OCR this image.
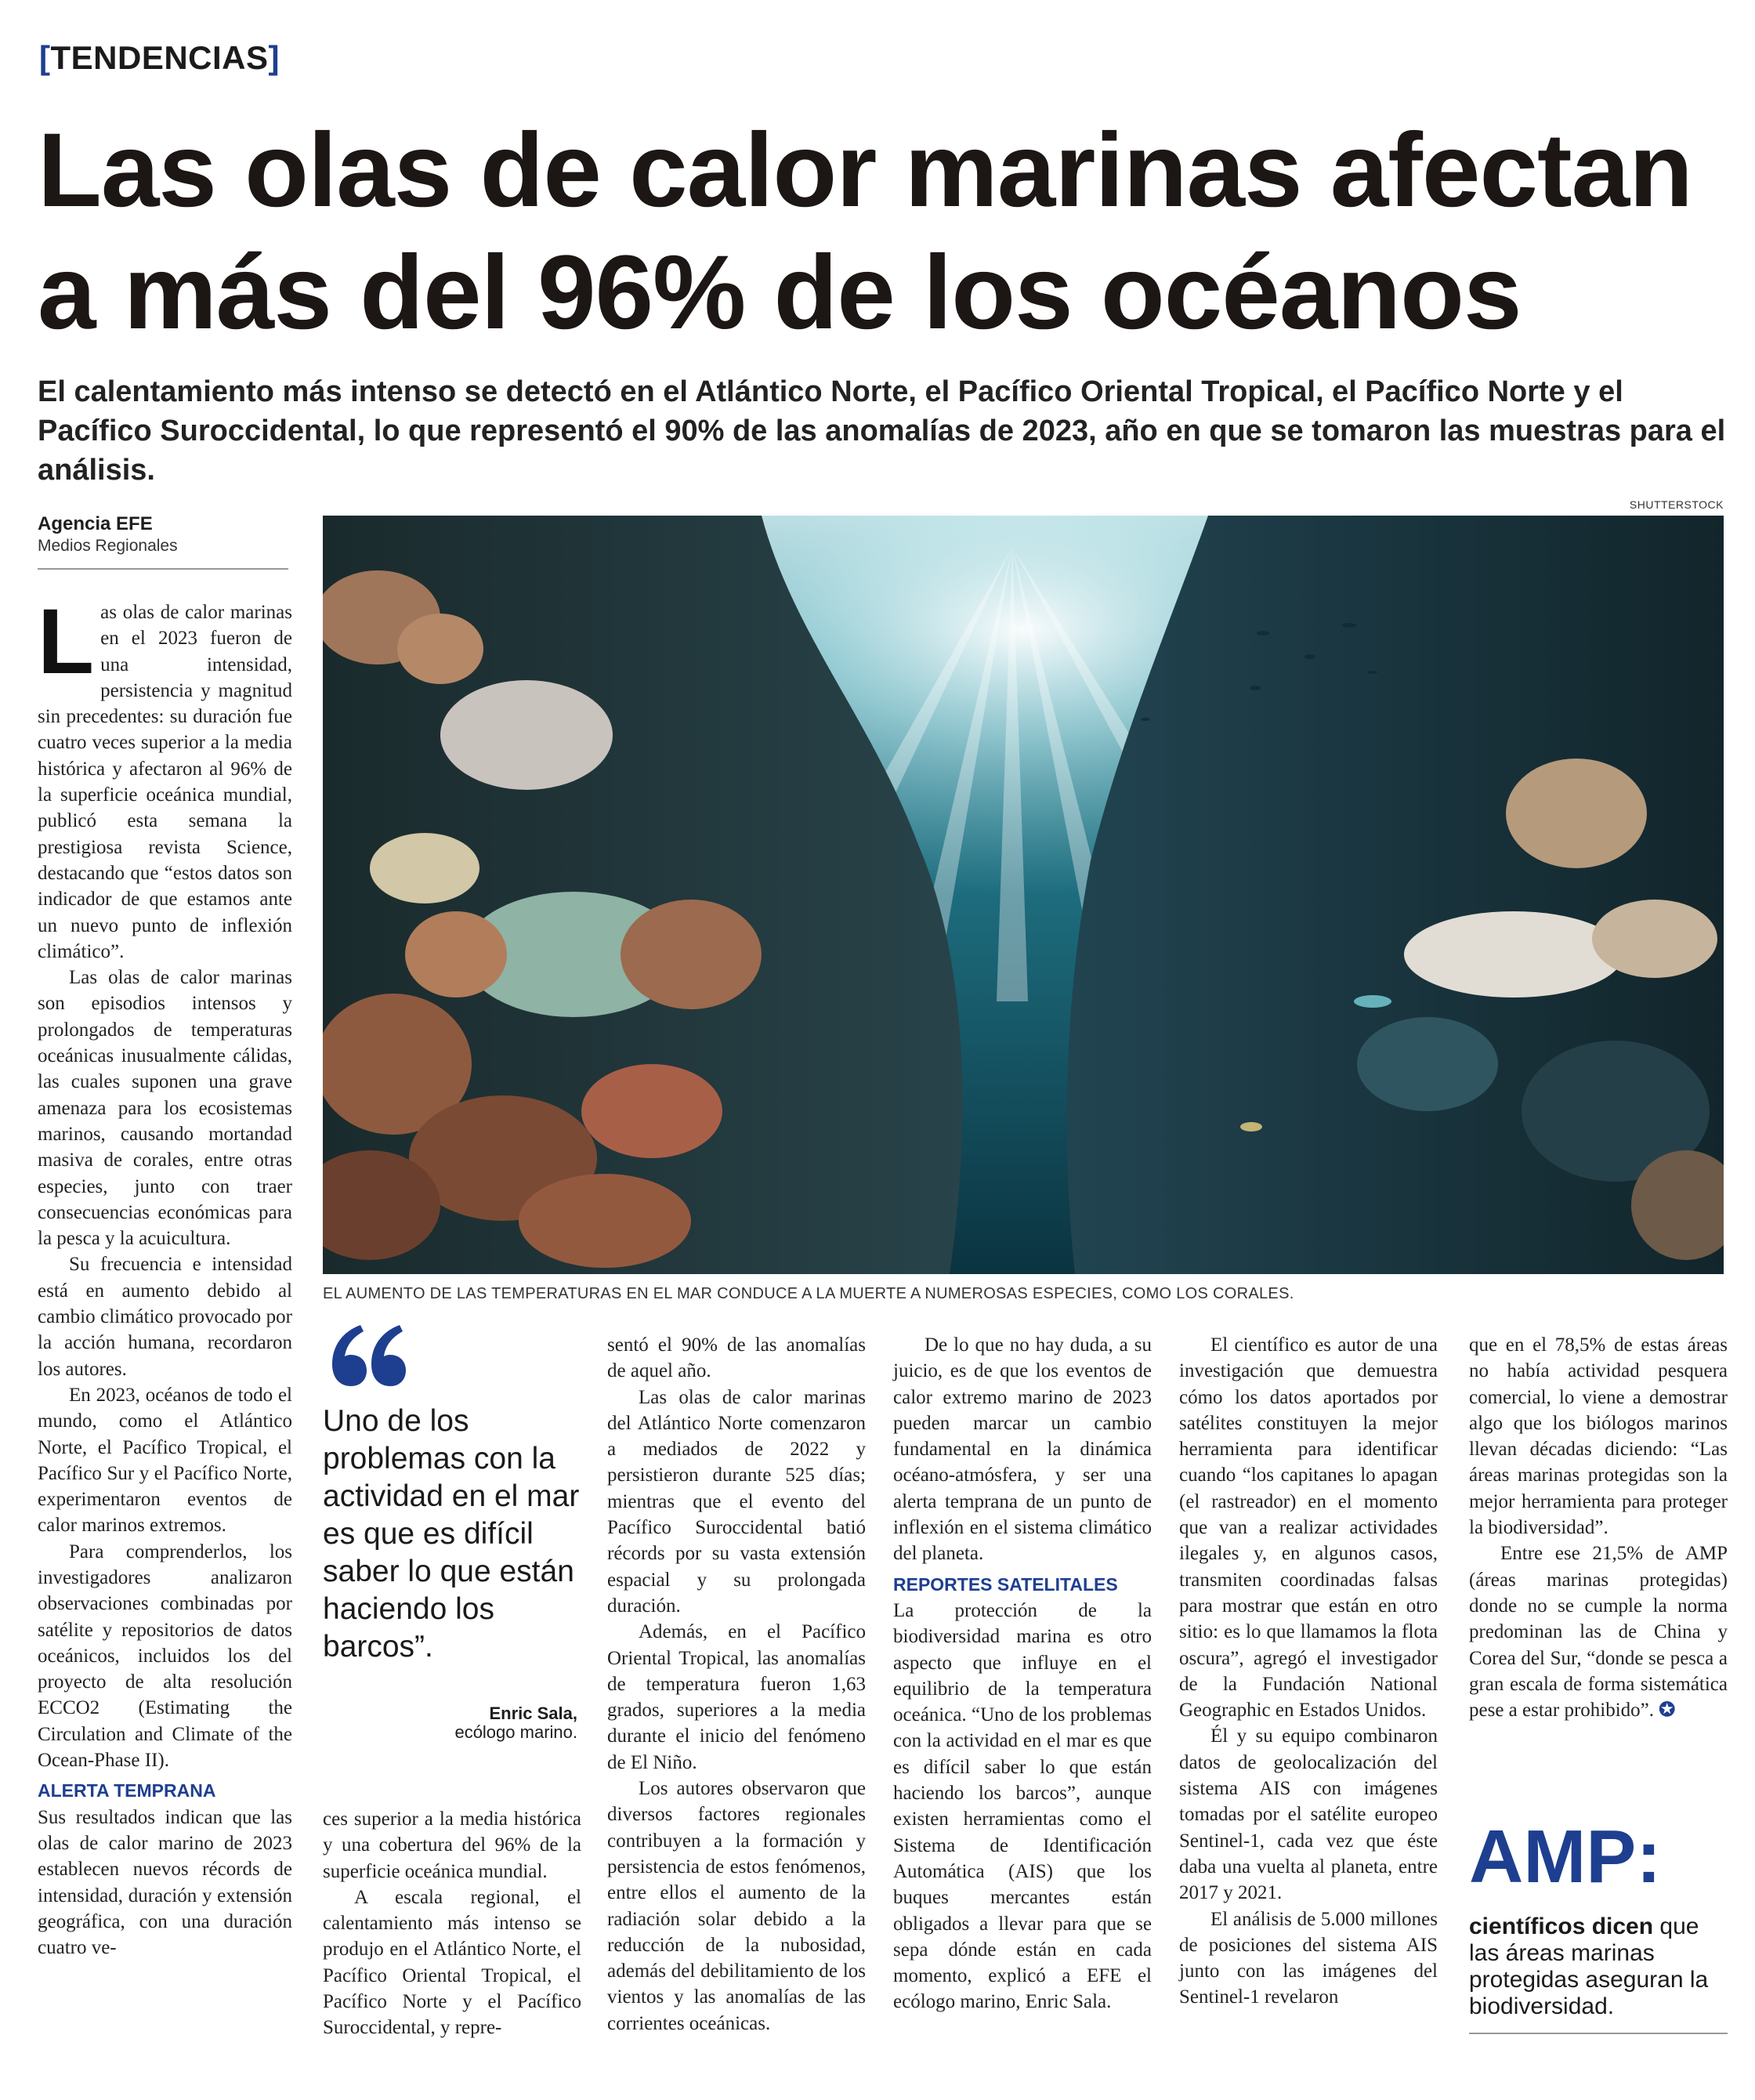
[TENDENCIAS]
Las olas de calor marinas afectan a más del 96% de los océanos
El calentamiento más intenso se detectó en el Atlántico Norte, el Pacífico Oriental Tropical, el Pacífico Norte y el Pacífico Suroccidental, lo que representó el 90% de las anomalías de 2023, año en que se tomaron las muestras para el análisis.
Agencia EFE
Medios Regionales
SHUTTERSTOCK
EL AUMENTO DE LAS TEMPERATURAS EN EL MAR CONDUCE A LA MUERTE A NUMEROSAS ESPECIES, COMO LOS CORALES.

Las olas de calor marinas en el 2023 fueron de una intensidad, persistencia y magnitud sin precedentes: su duración fue cuatro veces superior a la media histórica y afectaron al 96% de la superficie oceánica mundial, publicó esta semana la prestigiosa revista Science, destacando que “estos datos son indicador de que estamos ante un nuevo punto de inflexión climático”.

Las olas de calor marinas son episodios intensos y prolongados de temperaturas oceánicas inusualmente cálidas, las cuales suponen una grave amenaza para los ecosistemas marinos, causando mortandad masiva de corales, entre otras especies, junto con traer consecuencias económicas para la pesca y la acuicultura.

Su frecuencia e intensidad está en aumento debido al cambio climático provocado por la acción humana, recordaron los autores.

En 2023, océanos de todo el mundo, como el Atlántico Norte, el Pacífico Tropical, el Pacífico Sur y el Pacífico Norte, experimentaron eventos de calor marinos extremos.

Para comprenderlos, los investigadores analizaron observaciones combinadas por satélite y repositorios de datos oceánicos, incluidos los del proyecto de alta resolución ECCO2 (Estimating the Circulation and Climate of the Ocean-Phase II).

ALERTA TEMPRANA

Sus resultados indican que las olas de calor marino de 2023 establecen nuevos récords de intensidad, duración y extensión geográfica, con una duración cuatro ve-

Uno de los problemas con la actividad en el mar es que es difícil saber lo que están haciendo los barcos”.
Enric Sala,
ecólogo marino.

ces superior a la media histórica y una cobertura del 96% de la superficie oceánica mundial.

A escala regional, el calentamiento más intenso se produjo en el Atlántico Norte, el Pacífico Oriental Tropical, el Pacífico Norte y el Pacífico Suroccidental, y repre-

sentó el 90% de las anomalías de aquel año.

Las olas de calor marinas del Atlántico Norte comenzaron a mediados de 2022 y persistieron durante 525 días; mientras que el evento del Pacífico Suroccidental batió récords por su vasta extensión espacial y su prolongada duración.

Además, en el Pacífico Oriental Tropical, las anomalías de temperatura fueron 1,63 grados, superiores a la media durante el inicio del fenómeno de El Niño.

Los autores observaron que diversos factores regionales contribuyen a la formación y persistencia de estos fenómenos, entre ellos el aumento de la radiación solar debido a la reducción de la nubosidad, además del debilitamiento de los vientos y las anomalías de las corrientes oceánicas.

De lo que no hay duda, a su juicio, es de que los eventos de calor extremo marino de 2023 pueden marcar un cambio fundamental en la dinámica océano-atmósfera, y ser una alerta temprana de un punto de inflexión en el sistema climático del planeta.

REPORTES SATELITALES

La protección de la biodiversidad marina es otro aspecto que influye en el equilibrio de la temperatura oceánica. “Uno de los problemas con la actividad en el mar es que es difícil saber lo que están haciendo los barcos”, aunque existen herramientas como el Sistema de Identificación Automática (AIS) que los buques mercantes están obligados a llevar para que se sepa dónde están en cada momento, explicó a EFE el ecólogo marino, Enric Sala.

El científico es autor de una investigación que demuestra cómo los datos aportados por satélites constituyen la mejor herramienta para identificar cuando “los capitanes lo apagan (el rastreador) en el momento que van a realizar actividades ilegales y, en algunos casos, transmiten coordinadas falsas para mostrar que están en otro sitio: es lo que llamamos la flota oscura”, agregó el investigador de la Fundación National Geographic en Estados Unidos.

Él y su equipo combinaron datos de geolocalización del sistema AIS con imágenes tomadas por el satélite europeo Sentinel-1, cada vez que éste daba una vuelta al planeta, entre 2017 y 2021.

El análisis de 5.000 millones de posiciones del sistema AIS junto con las imágenes del Sentinel-1 revelaron

que en el 78,5% de estas áreas no había actividad pesquera comercial, lo viene a demostrar algo que los biólogos marinos llevan décadas diciendo: “Las áreas marinas protegidas son la mejor herramienta para proteger la biodiversidad”.

Entre ese 21,5% de AMP (áreas marinas protegidas) donde no se cumple la norma predominan las de China y Corea del Sur, “donde se pesca a gran escala de forma sistemática pese a estar prohibido”. ✪

AMP:
científicos dicen que las áreas marinas protegidas aseguran la biodiversidad.
